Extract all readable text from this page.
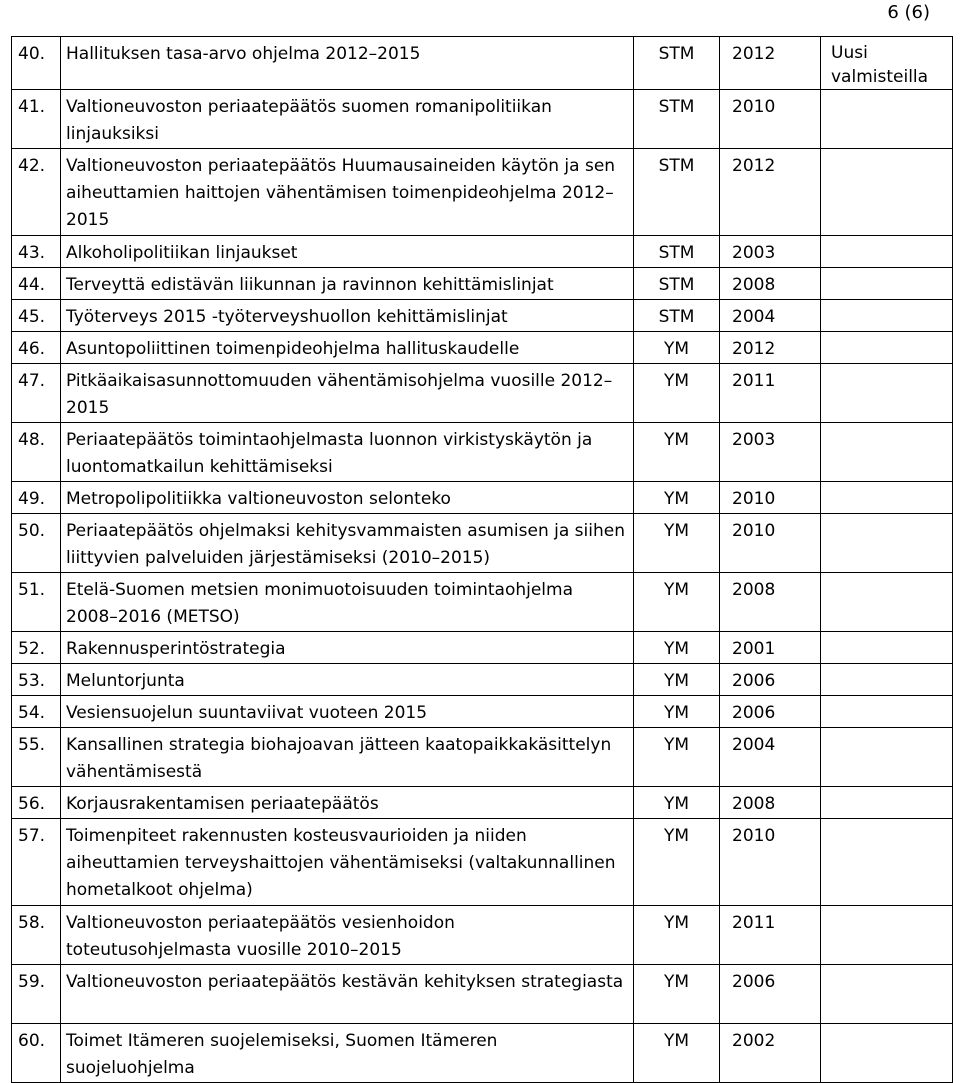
6 (6)
40.	Hallituksen tasa-arvo ohjelma 2012–2015	STM	2012	Uusi valmisteilla
41.	Valtioneuvoston periaatepäätös suomen romanipolitiikan linjauksiksi	STM	2010	
42.	Valtioneuvoston periaatepäätös Huumausaineiden käytön ja sen aiheuttamien haittojen vähentämisen toimenpideohjelma 2012–2015	STM	2012	
43.	Alkoholipolitiikan linjaukset	STM	2003	
44.	Terveyttä edistävän liikunnan ja ravinnon kehittämislinjat	STM	2008	
45.	Työterveys 2015 -työterveyshuollon kehittämislinjat	STM	2004	
46.	Asuntopoliittinen toimenpideohjelma hallituskaudelle	YM	2012	
47.	Pitkäaikaisasunnottomuuden vähentämisohjelma vuosille 2012–2015	YM	2011	
48.	Periaatepäätös toimintaohjelmasta luonnon virkistyskäytön ja luontomatkailun kehittämiseksi	YM	2003	
49.	Metropolipolitiikka valtioneuvoston selonteko	YM	2010	
50.	Periaatepäätös ohjelmaksi kehitysvammaisten asumisen ja siihen liittyvien palveluiden järjestämiseksi (2010–2015)	YM	2010	
51.	Etelä-Suomen metsien monimuotoisuuden toimintaohjelma 2008–2016 (METSO)	YM	2008	
52.	Rakennusperintöstrategia	YM	2001	
53.	Meluntorjunta	YM	2006	
54.	Vesiensuojelun suuntaviivat vuoteen 2015	YM	2006	
55.	Kansallinen strategia biohajoavan jätteen kaatopaikkakäsittelyn vähentämisestä	YM	2004	
56.	Korjausrakentamisen periaatepäätös	YM	2008	
57.	Toimenpiteet rakennusten kosteusvaurioiden ja niiden aiheuttamien terveyshaittojen vähentämiseksi (valtakunnallinen hometalkoot ohjelma)	YM	2010	
58.	Valtioneuvoston periaatepäätös vesienhoidon toteutusohjelmasta vuosille 2010–2015	YM	2011	
59.	Valtioneuvoston periaatepäätös kestävän kehityksen strategiasta	YM	2006	
60.	Toimet Itämeren suojelemiseksi, Suomen Itämeren suojeluohjelma	YM	2002	
